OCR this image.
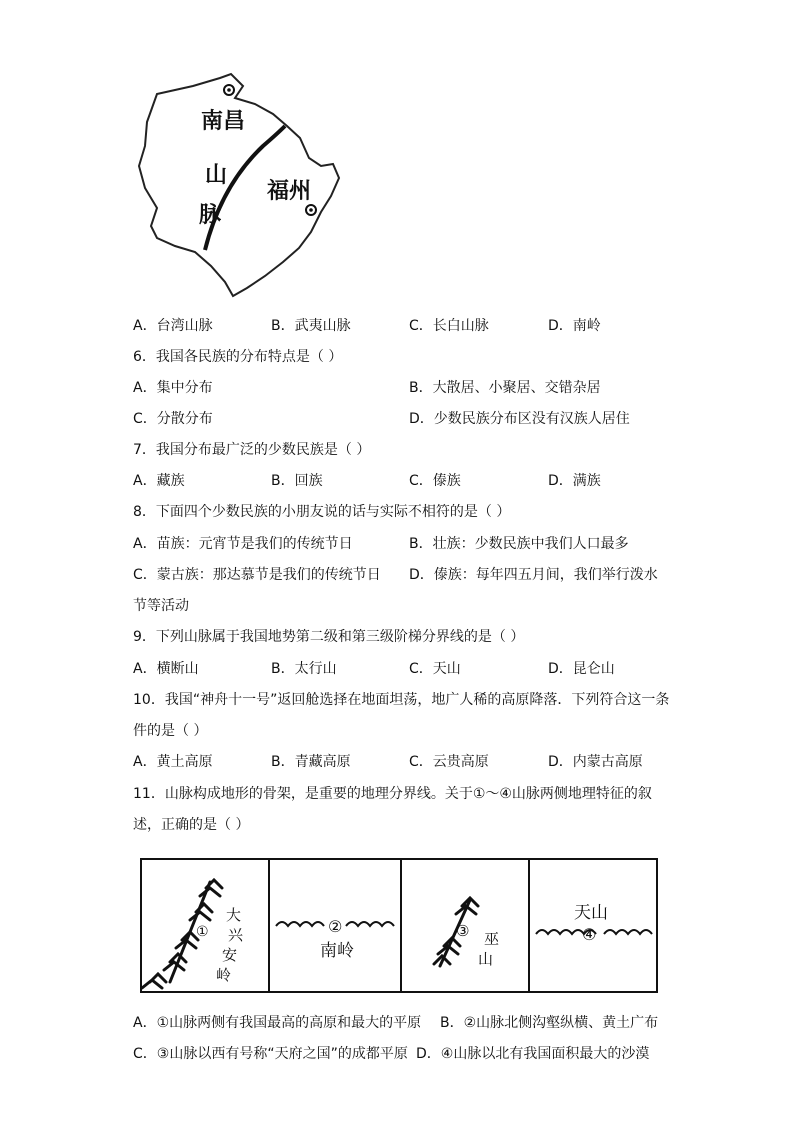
南昌
山
脉
福州
A．台湾山脉	B．武夷山脉	C．长白山脉	D．南岭
6．我国各民族的分布特点是（ ）
A．集中分布	B．大散居、小聚居、交错杂居
C．分散分布	D．少数民族分布区没有汉族人居住
7．我国分布最广泛的少数民族是（ ）
A．藏族	B．回族	C．傣族	D．满族
8．下面四个少数民族的小朋友说的话与实际不相符的是（ ）
A．苗族：元宵节是我们的传统节日	B．壮族：少数民族中我们人口最多
C．蒙古族：那达慕节是我们的传统节日 D．傣族：每年四五月间，我们举行泼水
节等活动
9．下列山脉属于我国地势第二级和第三级阶梯分界线的是（ ）
A．横断山	B．太行山	C．天山	D．昆仑山
10．我国“神舟十一号”返回舱选择在地面坦荡，地广人稀的高原降落．下列符合这一条
件的是（ ）
A．黄土高原	B．青藏高原	C．云贵高原	D．内蒙古高原
11．山脉构成地形的骨架，是重要的地理分界线。关于①～④山脉两侧地理特征的叙
述，正确的是（ ）
①
大
兴
安
岭
②
南岭
③ 巫
山
④
天山
A．①山脉两侧有我国最高的高原和最大的平原 B．②山脉北侧沟壑纵横、黄土广布
C．③山脉以西有号称“天府之国”的成都平原 D．④山脉以北有我国面积最大的沙漠
